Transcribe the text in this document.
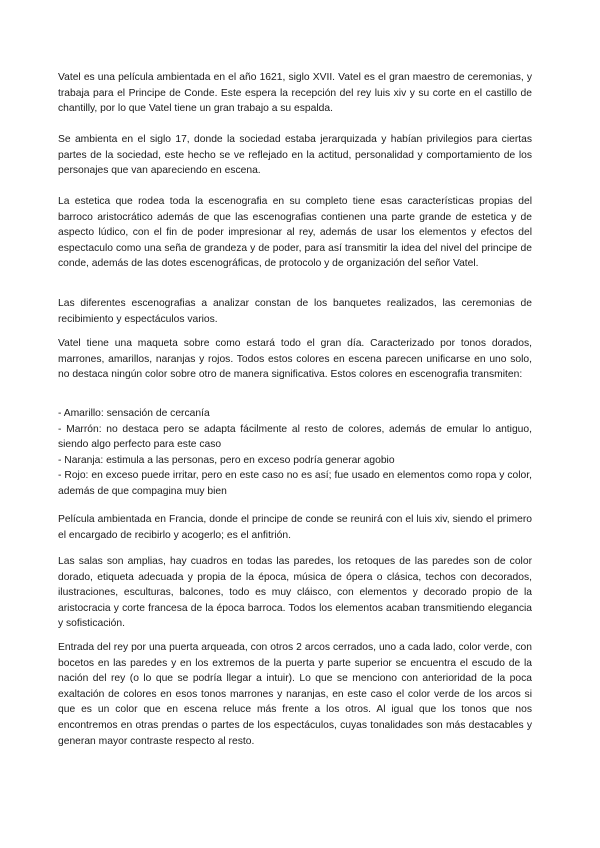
Vatel es una película ambientada en el año 1621, siglo XVII. Vatel es el gran maestro de ceremonias, y trabaja para el Principe de Conde. Este espera la recepción del rey luis xiv y su corte en el castillo de chantilly, por lo que Vatel tiene un gran trabajo a su espalda.

Se ambienta en el siglo 17, donde la sociedad estaba jerarquizada y habían privilegios para ciertas partes de la sociedad, este hecho se ve reflejado en la actitud, personalidad y comportamiento de los personajes que van apareciendo en escena.

La estetica que rodea toda la escenografia en su completo tiene esas características propias del barroco aristocrático además de que las escenografias contienen una parte grande de estetica y de aspecto lúdico, con el fin de poder impresionar al rey, además de usar los elementos y efectos del espectaculo como una seña de grandeza y de poder, para así transmitir la idea del nivel del principe de conde, además de las dotes escenográficas, de protocolo y de organización del señor Vatel.

Las diferentes escenografias a analizar constan de los banquetes realizados, las ceremonias de recibimiento y espectáculos varios.

Vatel tiene una maqueta sobre como estará todo el gran día. Caracterizado por tonos dorados, marrones, amarillos, naranjas y rojos. Todos estos colores en escena parecen unificarse en uno solo, no destaca ningún color sobre otro de manera significativa. Estos colores en escenografia transmiten:

- Amarillo: sensación de cercanía

- Marrón: no destaca pero se adapta fácilmente al resto de colores, además de emular lo antiguo, siendo algo perfecto para este caso

- Naranja: estimula a las personas, pero en exceso podría generar agobio

- Rojo: en exceso puede irritar, pero en este caso no es así; fue usado en elementos como ropa y color, además de que compagina muy bien

Película ambientada en Francia, donde el principe de conde se reunirá con el luis xiv, siendo el primero el encargado de recibirlo y acogerlo; es el anfitrión.

Las salas son amplias, hay cuadros en todas las paredes, los retoques de las paredes son de color dorado, etiqueta adecuada y propia de la época, música de ópera o clásica, techos con decorados, ilustraciones, esculturas, balcones, todo es muy cláisco, con elementos y decorado propio de la aristocracia y corte francesa de la época barroca. Todos los elementos acaban transmitiendo elegancia y sofisticación.

Entrada del rey por una puerta arqueada, con otros 2 arcos cerrados, uno a cada lado, color verde, con bocetos en las paredes y en los extremos de la puerta y parte superior se encuentra el escudo de la nación del rey (o lo que se podría llegar a intuir). Lo que se menciono con anterioridad de la poca exaltación de colores en esos tonos marrones y naranjas, en este caso el color verde de los arcos si que es un color que en escena reluce más frente a los otros. Al igual que los tonos que nos encontremos en otras prendas o partes de los espectáculos, cuyas tonalidades son más destacables y generan mayor contraste respecto al resto.
